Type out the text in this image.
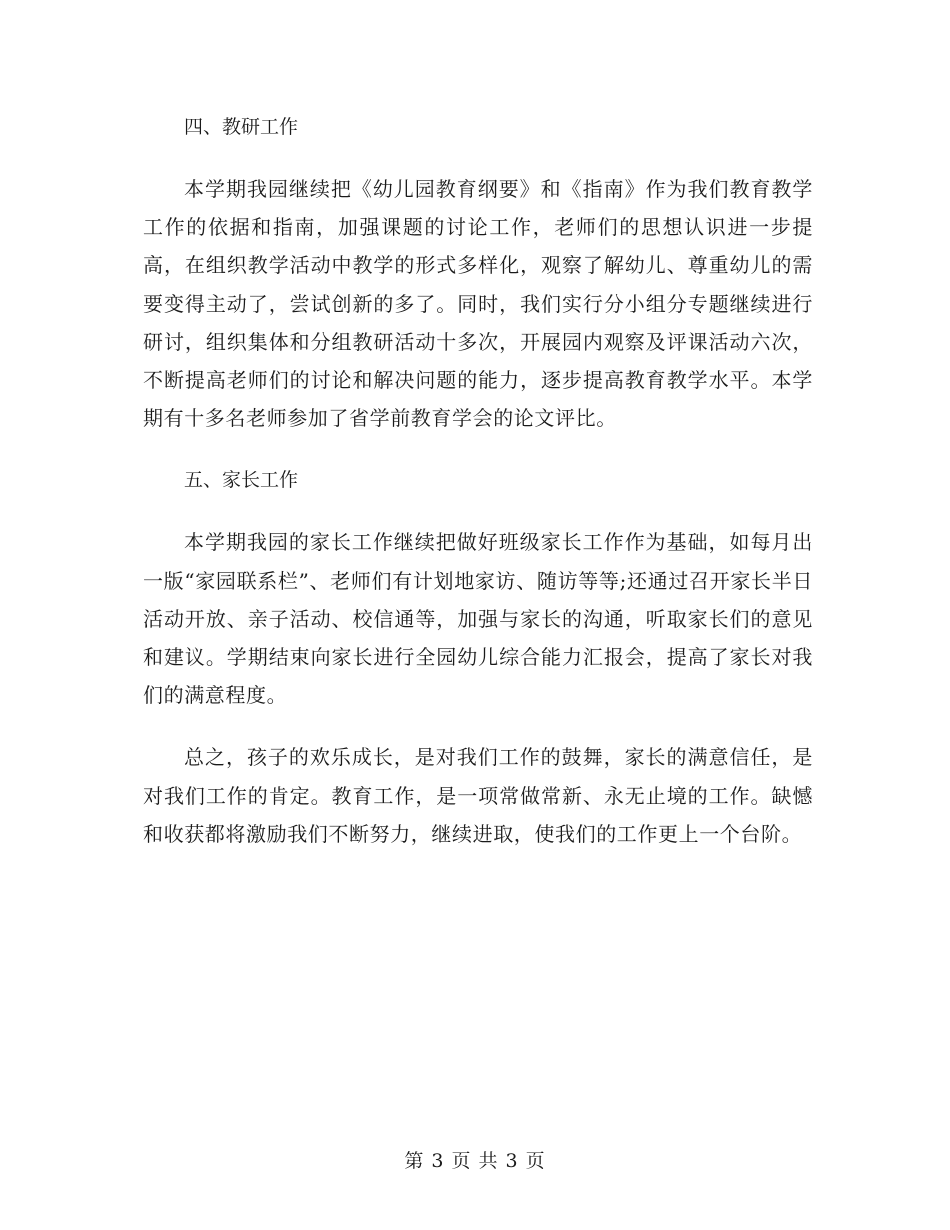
四、教研工作
本学期我园继续把《幼儿园教育纲要》和《指南》作为我们教育教学工作的依据和指南，加强课题的讨论工作，老师们的思想认识进一步提高，在组织教学活动中教学的形式多样化，观察了解幼儿、尊重幼儿的需要变得主动了，尝试创新的多了。同时，我们实行分小组分专题继续进行研讨，组织集体和分组教研活动十多次，开展园内观察及评课活动六次，不断提高老师们的讨论和解决问题的能力，逐步提高教育教学水平。本学期有十多名老师参加了省学前教育学会的论文评比。
五、家长工作
本学期我园的家长工作继续把做好班级家长工作作为基础，如每月出一版“家园联系栏”、老师们有计划地家访、随访等等;还通过召开家长半日活动开放、亲子活动、校信通等，加强与家长的沟通，听取家长们的意见和建议。学期结束向家长进行全园幼儿综合能力汇报会，提高了家长对我们的满意程度。
总之，孩子的欢乐成长，是对我们工作的鼓舞，家长的满意信任，是对我们工作的肯定。教育工作，是一项常做常新、永无止境的工作。缺憾和收获都将激励我们不断努力，继续进取，使我们的工作更上一个台阶。
第 3 页 共 3 页
